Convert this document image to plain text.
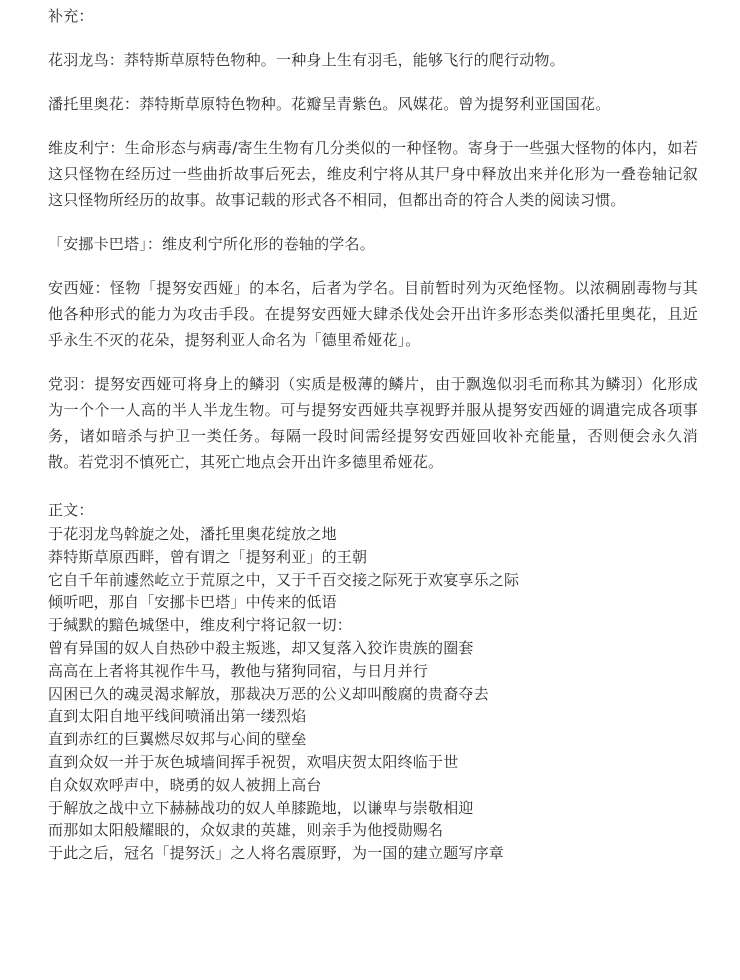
补充：

花羽龙鸟：莽特斯草原特色物种。一种身上生有羽毛，能够飞行的爬行动物。

潘托里奥花：莽特斯草原特色物种。花瓣呈青紫色。风媒花。曾为提努利亚国国花。

维皮利宁：生命形态与病毒/寄生生物有几分类似的一种怪物。寄身于一些强大怪物的体内，如若这只怪物在经历过一些曲折故事后死去，维皮利宁将从其尸身中释放出来并化形为一叠卷轴记叙这只怪物所经历的故事。故事记载的形式各不相同，但都出奇的符合人类的阅读习惯。

「安挪卡巴塔」：维皮利宁所化形的卷轴的学名。

安西娅：怪物「提努安西娅」的本名，后者为学名。目前暂时列为灭绝怪物。以浓稠剧毒物与其他各种形式的能力为攻击手段。在提努安西娅大肆杀伐处会开出许多形态类似潘托里奥花，且近乎永生不灭的花朵，提努利亚人命名为「德里希娅花」。

党羽：提努安西娅可将身上的鳞羽（实质是极薄的鳞片，由于飘逸似羽毛而称其为鳞羽）化形成为一个个一人高的半人半龙生物。可与提努安西娅共享视野并服从提努安西娅的调遣完成各项事务，诸如暗杀与护卫一类任务。每隔一段时间需经提努安西娅回收补充能量，否则便会永久消散。若党羽不慎死亡，其死亡地点会开出许多德里希娅花。

正文：

于花羽龙鸟斡旋之处，潘托里奥花绽放之地
莽特斯草原西畔，曾有谓之「提努利亚」的王朝
它自千年前遽然屹立于荒原之中，又于千百交接之际死于欢宴享乐之际
倾听吧，那自「安挪卡巴塔」中传来的低语
于缄默的黯色城堡中，维皮利宁将记叙一切：
曾有异国的奴人自热砂中殺主叛逃，却又复落入狡诈贵族的圈套
高高在上者将其视作牛马，教他与猪狗同宿，与日月并行
囚困已久的魂灵渴求解放，那裁决万恶的公义却叫酸腐的贵裔夺去
直到太阳自地平线间喷涌出第一缕烈焰
直到赤红的巨翼燃尽奴邦与心间的壁垒
直到众奴一并于灰色城墙间挥手祝贺，欢唱庆贺太阳终临于世
自众奴欢呼声中，晓勇的奴人被拥上高台
于解放之战中立下赫赫战功的奴人单膝跪地，以谦卑与崇敬相迎
而那如太阳般耀眼的，众奴隶的英雄，则亲手为他授勋赐名
于此之后，冠名「提努沃」之人将名震原野，为一国的建立题写序章
